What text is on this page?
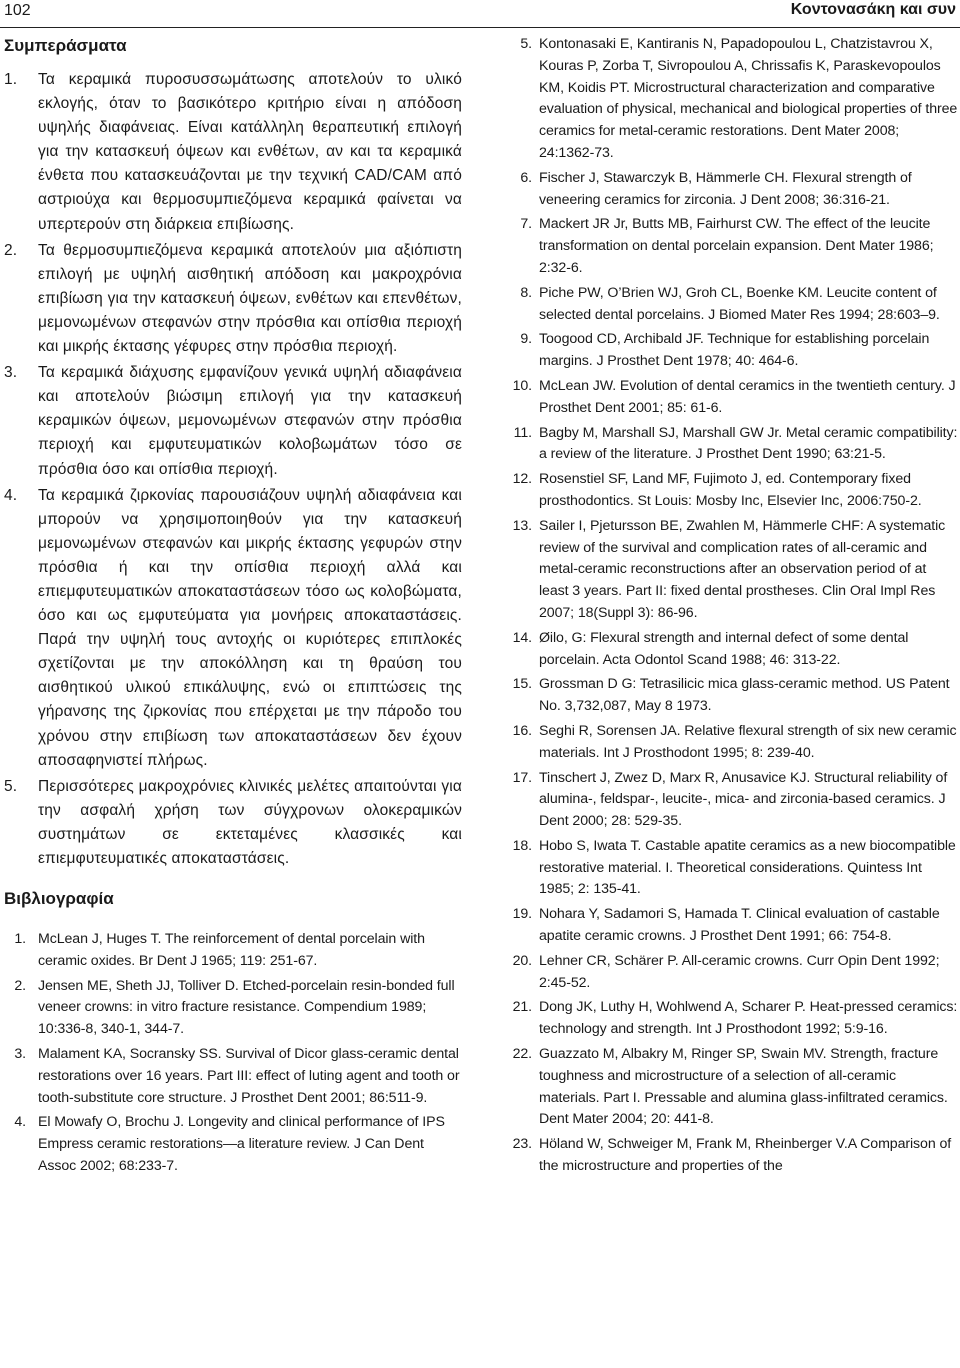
102	Κοντονασάκη και συν
Συμπεράσματα
1. Τα κεραμικά πυροσυσσωμάτωσης αποτελούν το υλικό εκλογής, όταν το βασικότερο κριτήριο είναι η απόδοση υψηλής διαφάνειας. Είναι κατάλληλη θεραπευτική επιλογή για την κατασκευή όψεων και ενθέτων, αν και τα κεραμικά ένθετα που κατασκευάζονται με την τεχνική CAD/CAM από αστριούχα και θερμοσυμπιεζόμενα κεραμικά φαίνεται να υπερτερούν στη διάρκεια επιβίωσης.
2. Τα θερμοσυμπιεζόμενα κεραμικά αποτελούν μια αξιόπιστη επιλογή με υψηλή αισθητική απόδοση και μακροχρόνια επιβίωση για την κατασκευή όψεων, ενθέτων και επενθέτων, μεμονωμένων στεφανών στην πρόσθια και οπίσθια περιοχή και μικρής έκτασης γέφυρες στην πρόσθια περιοχή.
3. Τα κεραμικά διάχυσης εμφανίζουν γενικά υψηλή αδιαφάνεια και αποτελούν βιώσιμη επιλογή για την κατασκευή κεραμικών όψεων, μεμονωμένων στεφανών στην πρόσθια περιοχή και εμφυτευματικών κολοβωμάτων τόσο σε πρόσθια όσο και οπίσθια περιοχή.
4. Τα κεραμικά ζιρκονίας παρουσιάζουν υψηλή αδιαφάνεια και μπορούν να χρησιμοποιηθούν για την κατασκευή μεμονωμένων στεφανών και μικρής έκτασης γεφυρών στην πρόσθια ή και την οπίσθια περιοχή αλλά και επιεμφυτευματικών αποκαταστάσεων τόσο ως κολοβώματα, όσο και ως εμφυτεύματα για μονήρεις αποκαταστάσεις. Παρά την υψηλή τους αντοχής οι κυριότερες επιπλοκές σχετίζονται με την αποκόλληση και τη θραύση του αισθητικού υλικού επικάλυψης, ενώ οι επιπτώσεις της γήρανσης της ζιρκονίας που επέρχεται με την πάροδο του χρόνου στην επιβίωση των αποκαταστάσεων δεν έχουν αποσαφηνιστεί πλήρως.
5. Περισσότερες μακροχρόνιες κλινικές μελέτες απαιτούνται για την ασφαλή χρήση των σύγχρονων ολοκεραμικών συστημάτων σε εκτεταμένες κλασσικές και επιεμφυτευματικές αποκαταστάσεις.
Βιβλιογραφία
1. McLean J, Huges T. The reinforcement of dental porcelain with ceramic oxides. Br Dent J 1965; 119: 251-67.
2. Jensen ME, Sheth JJ, Tolliver D. Etched-porcelain resin-bonded full veneer crowns: in vitro fracture resistance. Compendium 1989; 10:336-8, 340-1, 344-7.
3. Malament KA, Socransky SS. Survival of Dicor glass-ceramic dental restorations over 16 years. Part III: effect of luting agent and tooth or tooth-substitute core structure. J Prosthet Dent 2001; 86:511-9.
4. El Mowafy O, Brochu J. Longevity and clinical performance of IPS Empress ceramic restorations—a literature review. J Can Dent Assoc 2002; 68:233-7.
5. Kontonasaki E, Kantiranis N, Papadopoulou L, Chatzistavrou X, Kouras P, Zorba T, Sivropoulou A, Chrissafis K, Paraskevopoulos KM, Koidis PT. Microstructural characterization and comparative evaluation of physical, mechanical and biological properties of three ceramics for metal-ceramic restorations. Dent Mater 2008; 24:1362-73.
6. Fischer J, Stawarczyk B, Hämmerle CH. Flexural strength of veneering ceramics for zirconia. J Dent 2008; 36:316-21.
7. Mackert JR Jr, Butts MB, Fairhurst CW. The effect of the leucite transformation on dental porcelain expansion. Dent Mater 1986; 2:32-6.
8. Piche PW, O’Brien WJ, Groh CL, Boenke KM. Leucite content of selected dental porcelains. J Biomed Mater Res 1994; 28:603–9.
9. Toogood CD, Archibald JF. Technique for establishing porcelain margins. J Prosthet Dent 1978; 40: 464-6.
10. McLean JW. Evolution of dental ceramics in the twentieth century. J Prosthet Dent 2001; 85: 61-6.
11. Bagby M, Marshall SJ, Marshall GW Jr. Metal ceramic compatibility: a review of the literature. J Prosthet Dent 1990; 63:21-5.
12. Rosenstiel SF, Land MF, Fujimoto J, ed. Contemporary fixed prosthodontics. St Louis: Mosby Inc, Elsevier Inc, 2006:750-2.
13. Sailer I, Pjetursson BE, Zwahlen M, Hämmerle CHF: A systematic review of the survival and complication rates of all-ceramic and metal-ceramic reconstructions after an observation period of at least 3 years. Part II: fixed dental prostheses. Clin Oral Impl Res 2007; 18(Suppl 3): 86-96.
14. Øilo, G: Flexural strength and internal defect of some dental porcelain. Acta Odontol Scand 1988; 46: 313-22.
15. Grossman D G: Tetrasilicic mica glass-ceramic method. US Patent No. 3,732,087, May 8 1973.
16. Seghi R, Sorensen JA. Relative flexural strength of six new ceramic materials. Int J Prosthodont 1995; 8: 239-40.
17. Tinschert J, Zwez D, Marx R, Anusavice KJ. Structural reliability of alumina-, feldspar-, leucite-, mica- and zirconia-based ceramics. J Dent 2000; 28: 529-35.
18. Hobo S, Iwata T. Castable apatite ceramics as a new biocompatible restorative material. I. Theoretical considerations. Quintess Int 1985; 2: 135-41.
19. Nohara Y, Sadamori S, Hamada T. Clinical evaluation of castable apatite ceramic crowns. J Prosthet Dent 1991; 66: 754-8.
20. Lehner CR, Schärer P. All-ceramic crowns. Curr Opin Dent 1992; 2:45-52.
21. Dong JK, Luthy H, Wohlwend A, Scharer P. Heat-pressed ceramics: technology and strength. Int J Prosthodont 1992; 5:9-16.
22. Guazzato M, Albakry M, Ringer SP, Swain MV. Strength, fracture toughness and microstructure of a selection of all-ceramic materials. Part I. Pressable and alumina glass-infiltrated ceramics. Dent Mater 2004; 20: 441-8.
23. Höland W, Schweiger M, Frank M, Rheinberger V.A Comparison of the microstructure and properties of the
